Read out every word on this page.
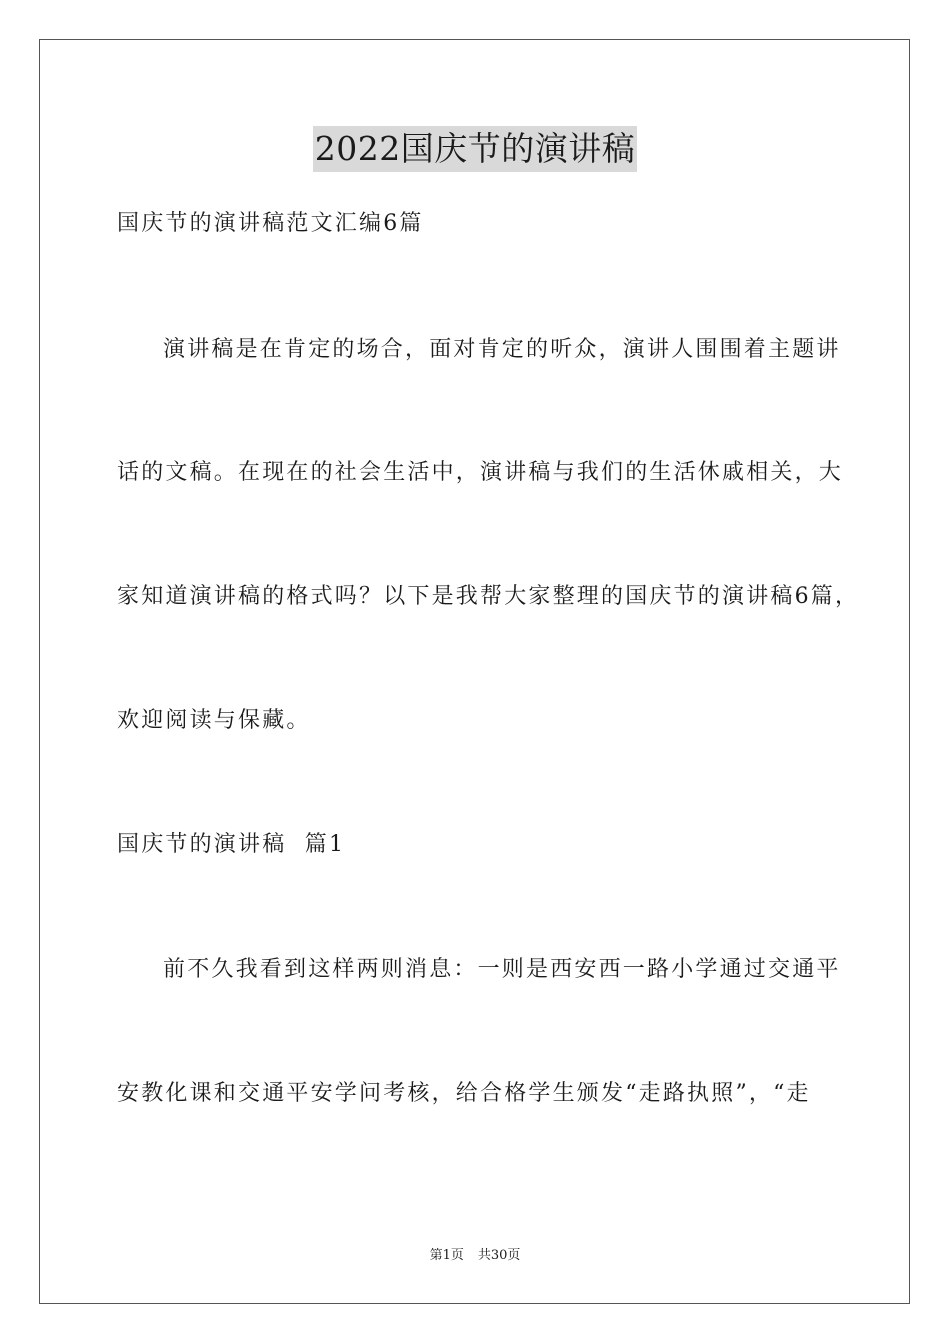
2022国庆节的演讲稿
国庆节的演讲稿范文汇编6篇
演讲稿是在肯定的场合，面对肯定的听众，演讲人围围着主题讲
话的文稿。在现在的社会生活中，演讲稿与我们的生活休戚相关，大
家知道演讲稿的格式吗？以下是我帮大家整理的国庆节的演讲稿6篇，
欢迎阅读与保藏。
国庆节的演讲稿  篇1
前不久我看到这样两则消息：一则是西安西一路小学通过交通平
安教化课和交通平安学问考核，给合格学生颁发“走路执照”，“走
第1页 共30页
